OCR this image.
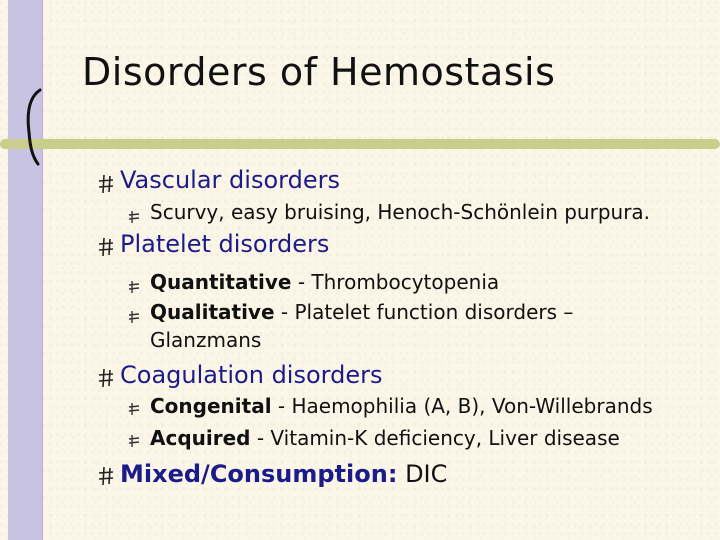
Disorders of Hemostasis
Vascular disorders
Scurvy, easy bruising, Henoch-Schönlein purpura.
Platelet disorders
Quantitative - Thrombocytopenia
Qualitative - Platelet function disorders –
Glanzmans
Coagulation disorders
Congenital - Haemophilia (A, B), Von-Willebrands
Acquired - Vitamin-K deficiency, Liver disease
Mixed/Consumption: DIC
